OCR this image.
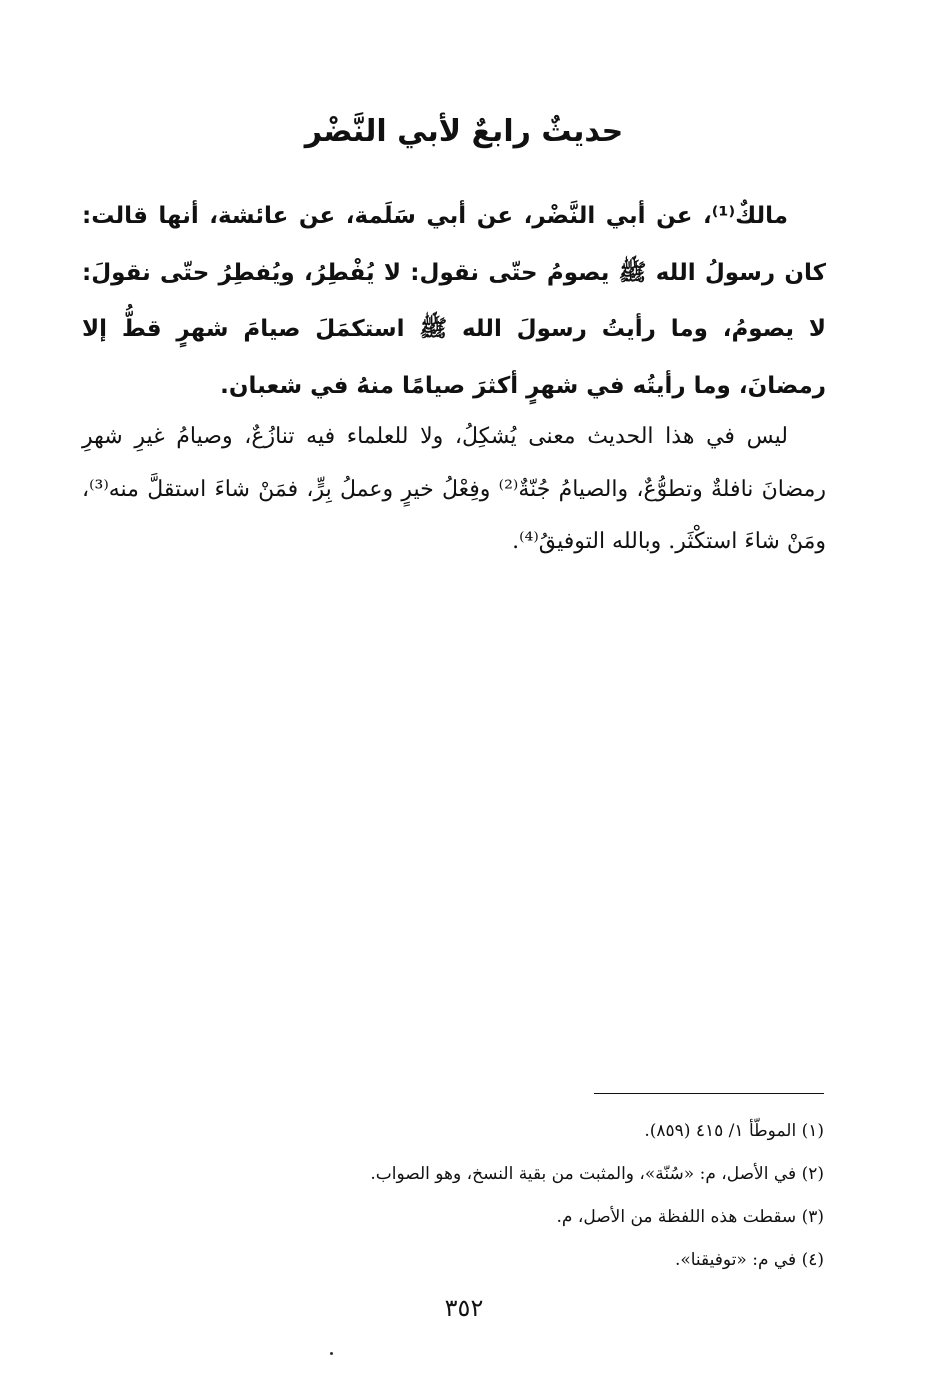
حديثٌ رابعٌ لأبي النَّضْر
مالكٌ⁽¹⁾، عن أبي النَّضْر، عن أبي سَلَمة، عن عائشة، أنها قالت: كان رسولُ الله ﷺ يصومُ حتّى نقول: لا يُفْطِرُ، ويُفطِرُ حتّى نقولَ: لا يصومُ، وما رأيتُ رسولَ الله ﷺ استكمَلَ صيامَ شهرٍ قطُّ إلا رمضانَ، وما رأيتُه في شهرٍ أكثرَ صيامًا منهُ في شعبان.
ليس في هذا الحديث معنى يُشكِلُ، ولا للعلماء فيه تنازُعٌ، وصيامُ غيرِ شهرِ رمضانَ نافلةٌ وتطوُّعٌ، والصيامُ جُنّةٌ⁽²⁾ وفِعْلُ خيرٍ وعملُ بِرٍّ، فمَنْ شاءَ استقلَّ منه⁽³⁾، ومَنْ شاءَ استكْثَر. وبالله التوفيقُ⁽⁴⁾.
(١) الموطّأ ١/ ٤١٥ (٨٥٩).
(٢) في الأصل، م: «سُنّة»، والمثبت من بقية النسخ، وهو الصواب.
(٣) سقطت هذه اللفظة من الأصل، م.
(٤) في م: «توفيقنا».
٣٥٢
